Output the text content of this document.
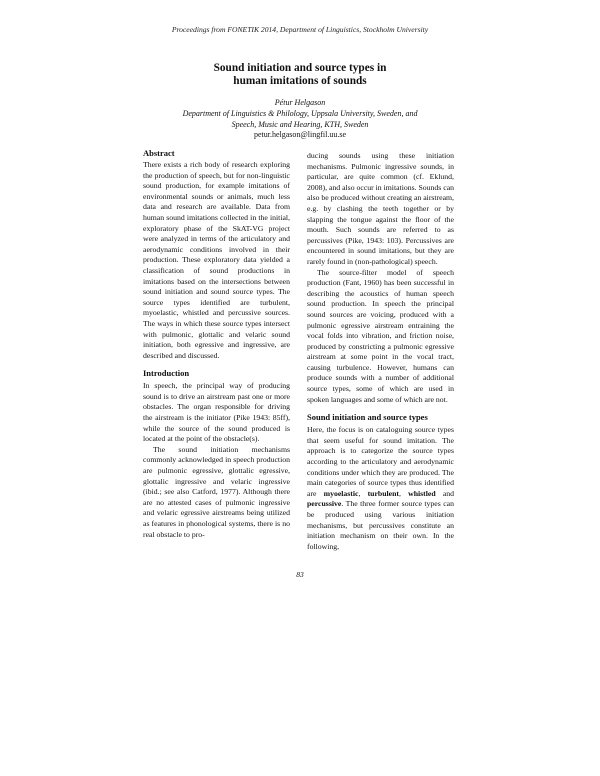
Proceedings from FONETIK 2014, Department of Linguistics, Stockholm University
Sound initiation and source types in
human imitations of sounds
Pétur Helgason
Department of Linguistics & Philology, Uppsala University, Sweden, and
Speech, Music and Hearing, KTH, Sweden
petur.helgason@lingfil.uu.se
Abstract

There exists a rich body of research exploring the production of speech, but for non-linguistic sound production, for example imitations of environmental sounds or animals, much less data and research are available. Data from human sound imitations collected in the initial, exploratory phase of the SkAT-VG project were analyzed in terms of the articulatory and aerodynamic conditions involved in their production. These exploratory data yielded a classification of sound productions in imitations based on the intersections between sound initiation and sound source types. The source types identified are turbulent, myoelastic, whistled and percussive sources. The ways in which these source types intersect with pulmonic, glottalic and velaric sound initiation, both egressive and ingressive, are described and discussed.

Introduction

In speech, the principal way of producing sound is to drive an airstream past one or more obstacles. The organ responsible for driving the airstream is the initiator (Pike 1943: 85ff), while the source of the sound produced is located at the point of the obstacle(s).

The sound initiation mechanisms commonly acknowledged in speech production are pulmonic egressive, glottalic egressive, glottalic ingressive and velaric ingressive (ibid.; see also Catford, 1977). Although there are no attested cases of pulmonic ingressive and velaric egressive airstreams being utilized as features in phonological systems, there is no real obstacle to pro-

ducing sounds using these initiation mechanisms. Pulmonic ingressive sounds, in particular, are quite common (cf. Eklund, 2008), and also occur in imitations. Sounds can also be produced without creating an airstream, e.g. by clashing the teeth together or by slapping the tongue against the floor of the mouth. Such sounds are referred to as percussives (Pike, 1943: 103). Percussives are encountered in sound imitations, but they are rarely found in (non-pathological) speech.

The source-filter model of speech production (Fant, 1960) has been successful in describing the acoustics of human speech sound production. In speech the principal sound sources are voicing, produced with a pulmonic egressive airstream entraining the vocal folds into vibration, and friction noise, produced by constricting a pulmonic egressive airstream at some point in the vocal tract, causing turbulence. However, humans can produce sounds with a number of additional source types, some of which are used in spoken languages and some of which are not.

Sound initiation and source types

Here, the focus is on cataloguing source types that seem useful for sound imitation. The approach is to categorize the source types according to the articulatory and aerodynamic conditions under which they are produced. The main categories of source types thus identified are myoelastic, turbulent, whistled and percussive. The three former source types can be produced using various initiation mechanisms, but percussives constitute an initiation mechanism on their own. In the following,

83
